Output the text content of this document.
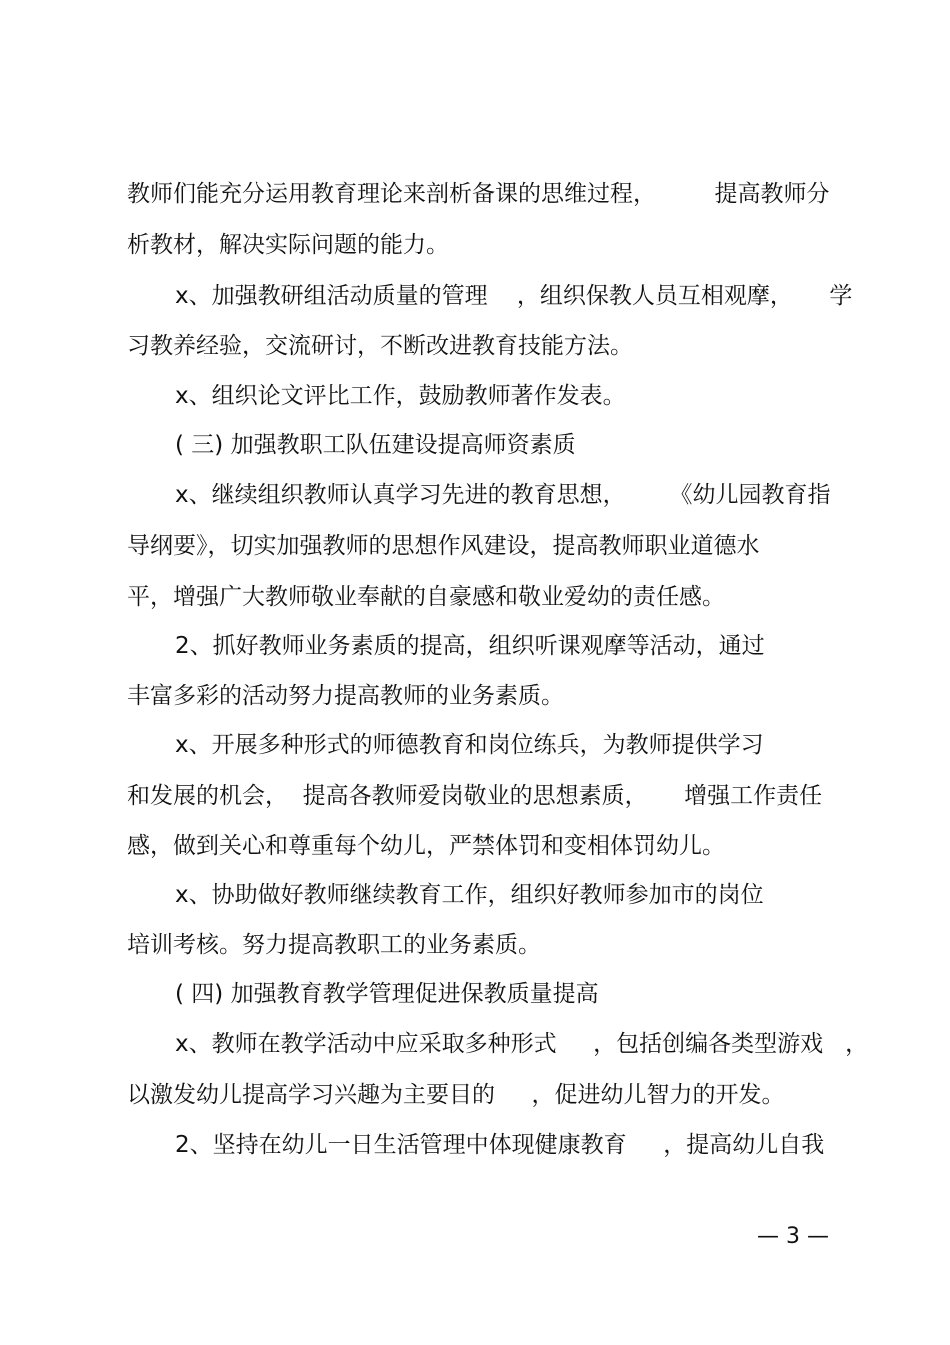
教师们能充分运用教育理论来剖析备课的思维过程，        提高教师分
析教材，解决实际问题的能力。
x、加强教研组活动质量的管理    ，组织保教人员互相观摩，     学
习教养经验，交流研讨，不断改进教育技能方法。
x、组织论文评比工作，鼓励教师著作发表。
( 三) 加强教职工队伍建设提高师资素质
x、继续组织教师认真学习先进的教育思想，      《幼儿园教育指
导纲要》，切实加强教师的思想作风建设，提高教师职业道德水
平，增强广大教师敬业奉献的自豪感和敬业爱幼的责任感。
2、抓好教师业务素质的提高，组织听课观摩等活动，通过
丰富多彩的活动努力提高教师的业务素质。
x、开展多种形式的师德教育和岗位练兵，为教师提供学习
和发展的机会，  提高各教师爱岗敬业的思想素质，     增强工作责任
感，做到关心和尊重每个幼儿，严禁体罚和变相体罚幼儿。
x、协助做好教师继续教育工作，组织好教师参加市的岗位
培训考核。努力提高教职工的业务素质。
( 四) 加强教育教学管理促进保教质量提高
x、教师在教学活动中应采取多种形式     ，包括创编各类型游戏   ，
以激发幼儿提高学习兴趣为主要目的     ，促进幼儿智力的开发。
2、坚持在幼儿一日生活管理中体现健康教育     ，提高幼儿自我
— 3 —
